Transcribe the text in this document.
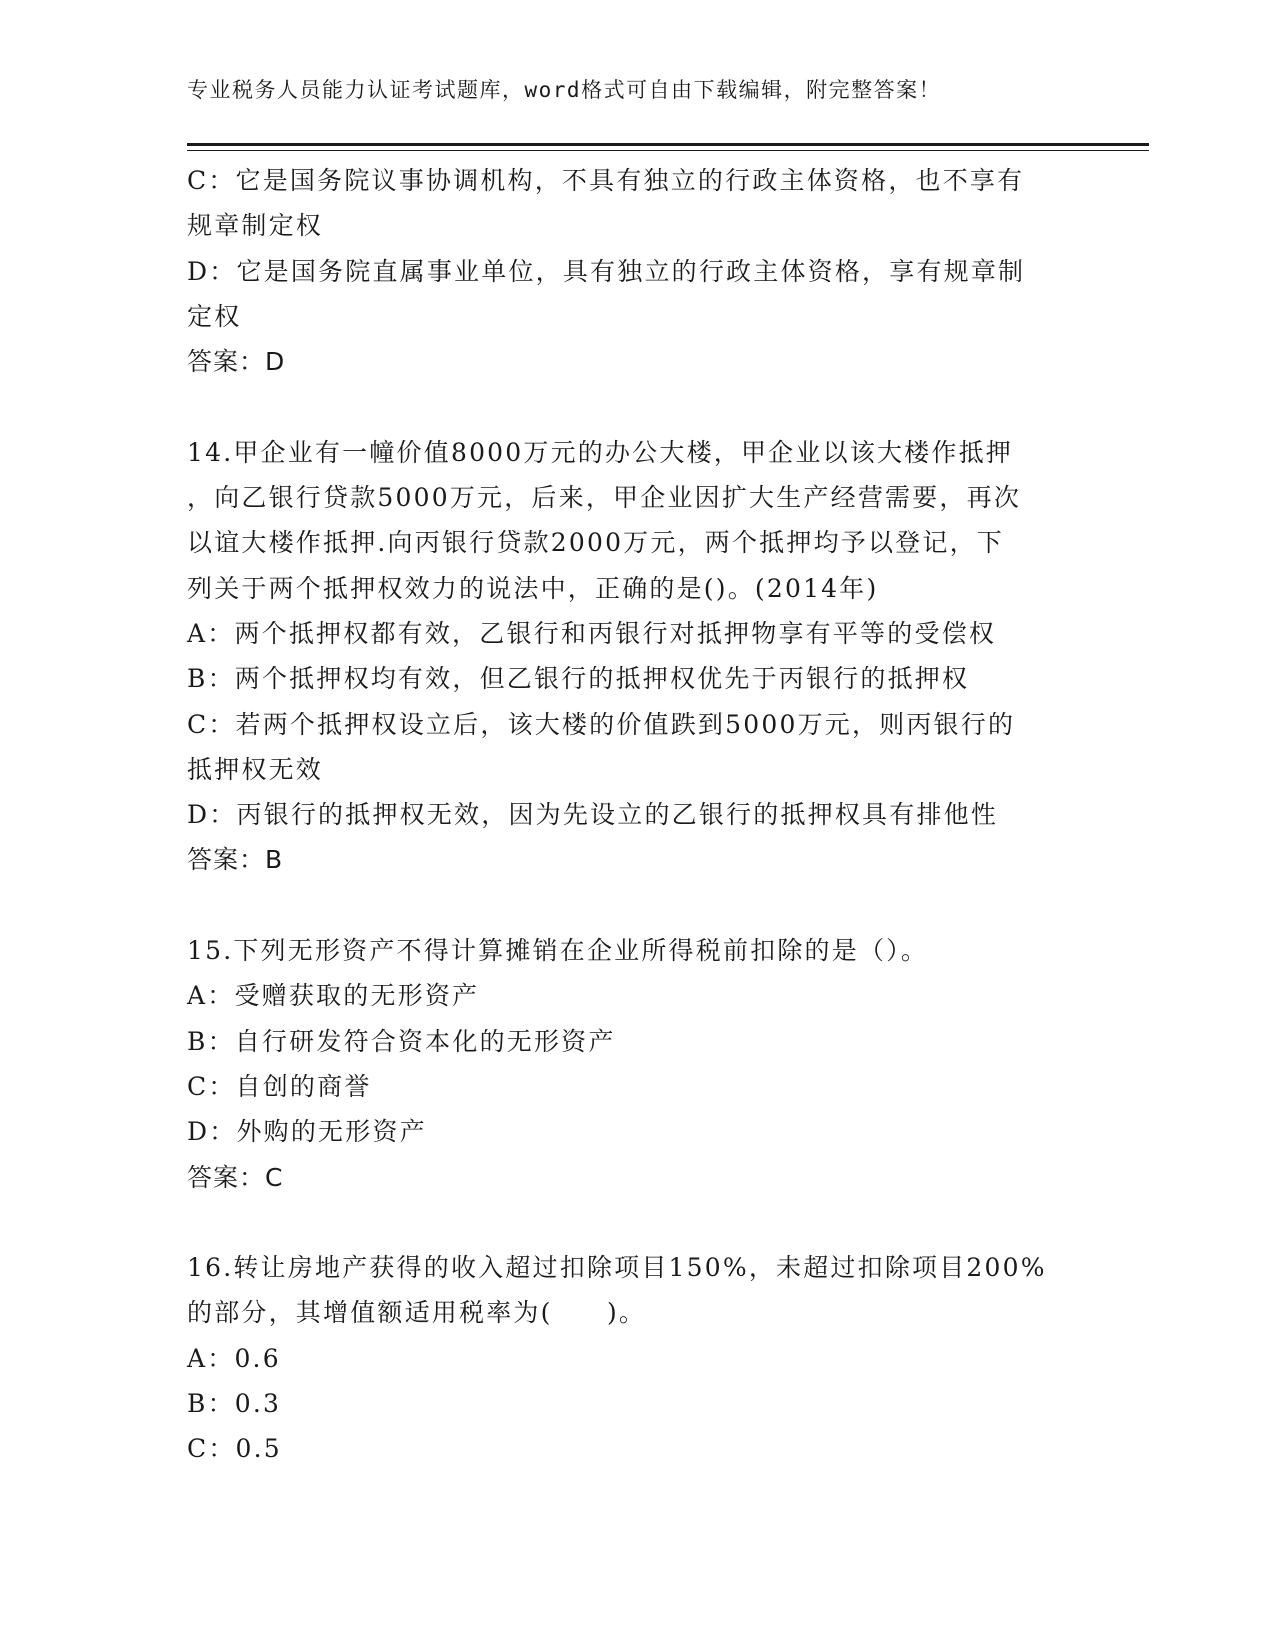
专业税务人员能力认证考试题库，word格式可自由下载编辑，附完整答案！
C：它是国务院议事协调机构，不具有独立的行政主体资格，也不享有
规章制定权
D：它是国务院直属事业单位，具有独立的行政主体资格，享有规章制
定权
答案：D
14.甲企业有一幢价值8000万元的办公大楼，甲企业以该大楼作抵押
，向乙银行贷款5000万元，后来，甲企业因扩大生产经营需要，再次
以谊大楼作抵押.向丙银行贷款2000万元，两个抵押均予以登记，下
列关于两个抵押权效力的说法中，正确的是()。(2014年)
A：两个抵押权都有效，乙银行和丙银行对抵押物享有平等的受偿权
B：两个抵押权均有效，但乙银行的抵押权优先于丙银行的抵押权
C：若两个抵押权设立后，该大楼的价值跌到5000万元，则丙银行的
抵押权无效
D：丙银行的抵押权无效，因为先设立的乙银行的抵押权具有排他性
答案：B
15.下列无形资产不得计算摊销在企业所得税前扣除的是（）。
A：受赠获取的无形资产
B：自行研发符合资本化的无形资产
C：自创的商誉
D：外购的无形资产
答案：C
16.转让房地产获得的收入超过扣除项目150%，未超过扣除项目200%
的部分，其增值额适用税率为(　　)。
A：0.6
B：0.3
C：0.5
